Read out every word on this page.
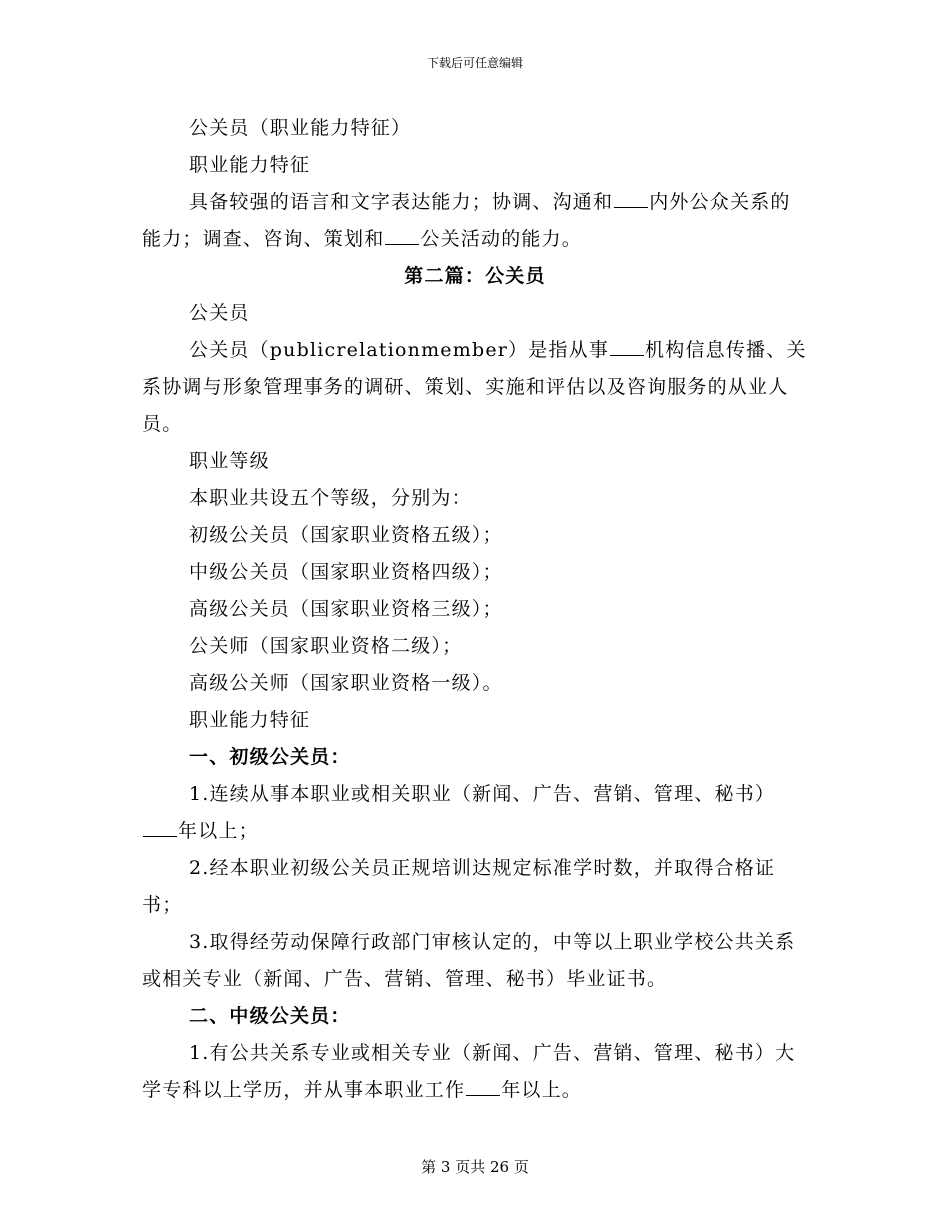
下载后可任意编辑

公关员（职业能力特征）

职业能力特征

具备较强的语言和文字表达能力；协调、沟通和 内外公众关系的能力；调查、咨询、策划和 公关活动的能力。

第二篇：公关员

公关员

公关员（publicrelationmember）是指从事 机构信息传播、关系协调与形象管理事务的调研、策划、实施和评估以及咨询服务的从业人员。

职业等级

本职业共设五个等级，分别为：

初级公关员（国家职业资格五级）；

中级公关员（国家职业资格四级）；

高级公关员（国家职业资格三级）；

公关师（国家职业资格二级）；

高级公关师（国家职业资格一级）。

职业能力特征

一、初级公关员：

1.连续从事本职业或相关职业（新闻、广告、营销、管理、秘书）年以上；

2.经本职业初级公关员正规培训达规定标准学时数，并取得合格证书；

3.取得经劳动保障行政部门审核认定的，中等以上职业学校公共关系或相关专业（新闻、广告、营销、管理、秘书）毕业证书。

二、中级公关员：

1.有公共关系专业或相关专业（新闻、广告、营销、管理、秘书）大学专科以上学历，并从事本职业工作 年以上。

第 3 页共 26 页
